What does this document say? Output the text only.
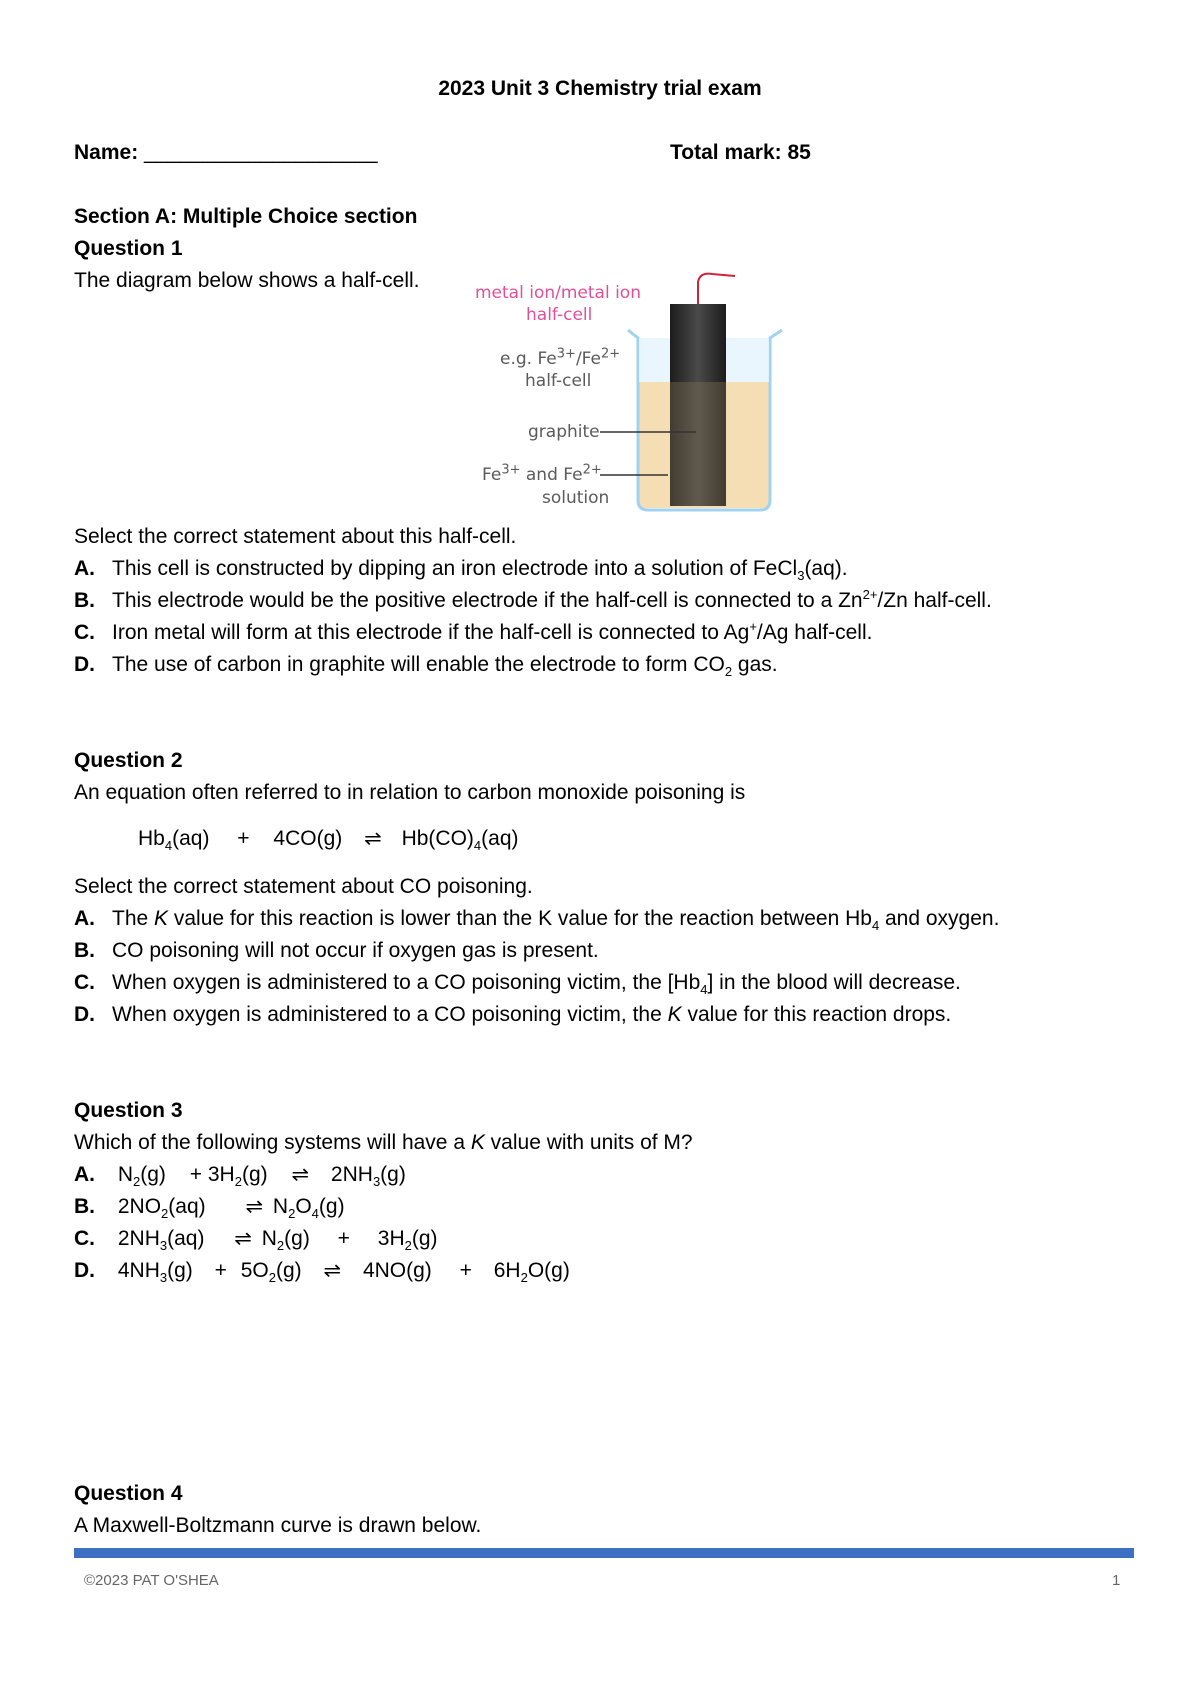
2023 Unit 3 Chemistry trial exam
Name: ____________________	Total mark: 85
Section A: Multiple Choice section
Question 1
The diagram below shows a half-cell.
metal ion/metal ion
half-cell
e.g. $Fe^{3+}/Fe^{2+}$
half-cell
graphite
$Fe^{3+}$ and $Fe^{2+}$
solution
Select the correct statement about this half-cell.
A. This cell is constructed by dipping an iron electrode into a solution of FeCl$_3$(aq).
B. This electrode would be the positive electrode if the half-cell is connected to a $Zn^{2+}/Zn$ half-cell.
C. Iron metal will form at this electrode if the half-cell is connected to Ag+/Ag half-cell.
D. The use of carbon in graphite will enable the electrode to form $CO_2$ gas.
Question 2
An equation often referred to in relation to carbon monoxide poisoning is
$Hb_4(aq) + 4CO(g)$ ⇌ $Hb(CO)_4(aq)$
Select the correct statement about CO poisoning.
A. The K value for this reaction is lower than the K value for the reaction between $Hb_4$ and oxygen.
B. CO poisoning will not occur if oxygen gas is present.
C. When oxygen is administered to a CO poisoning victim, the $[Hb_4]$ in the blood will decrease.
D. When oxygen is administered to a CO poisoning victim, the K value for this reaction drops.
Question 3
Which of the following systems will have a K value with units of M?
A. $N_2(g) + 3H_2(g)$ ⇌ $2NH_3(g)$
B. $2NO_2(aq)$ ⇌ $N_2O_4(g)$
C. $2NH_3(aq)$ ⇌ $N_2(g) + 3H_2(g)$
D. $4NH_3(g) + 5O_2(g)$ ⇌ $4NO(g) + 6H_2O(g)$
Question 4
A Maxwell-Boltzmann curve is drawn below.
©2023 PAT O'SHEA	1
